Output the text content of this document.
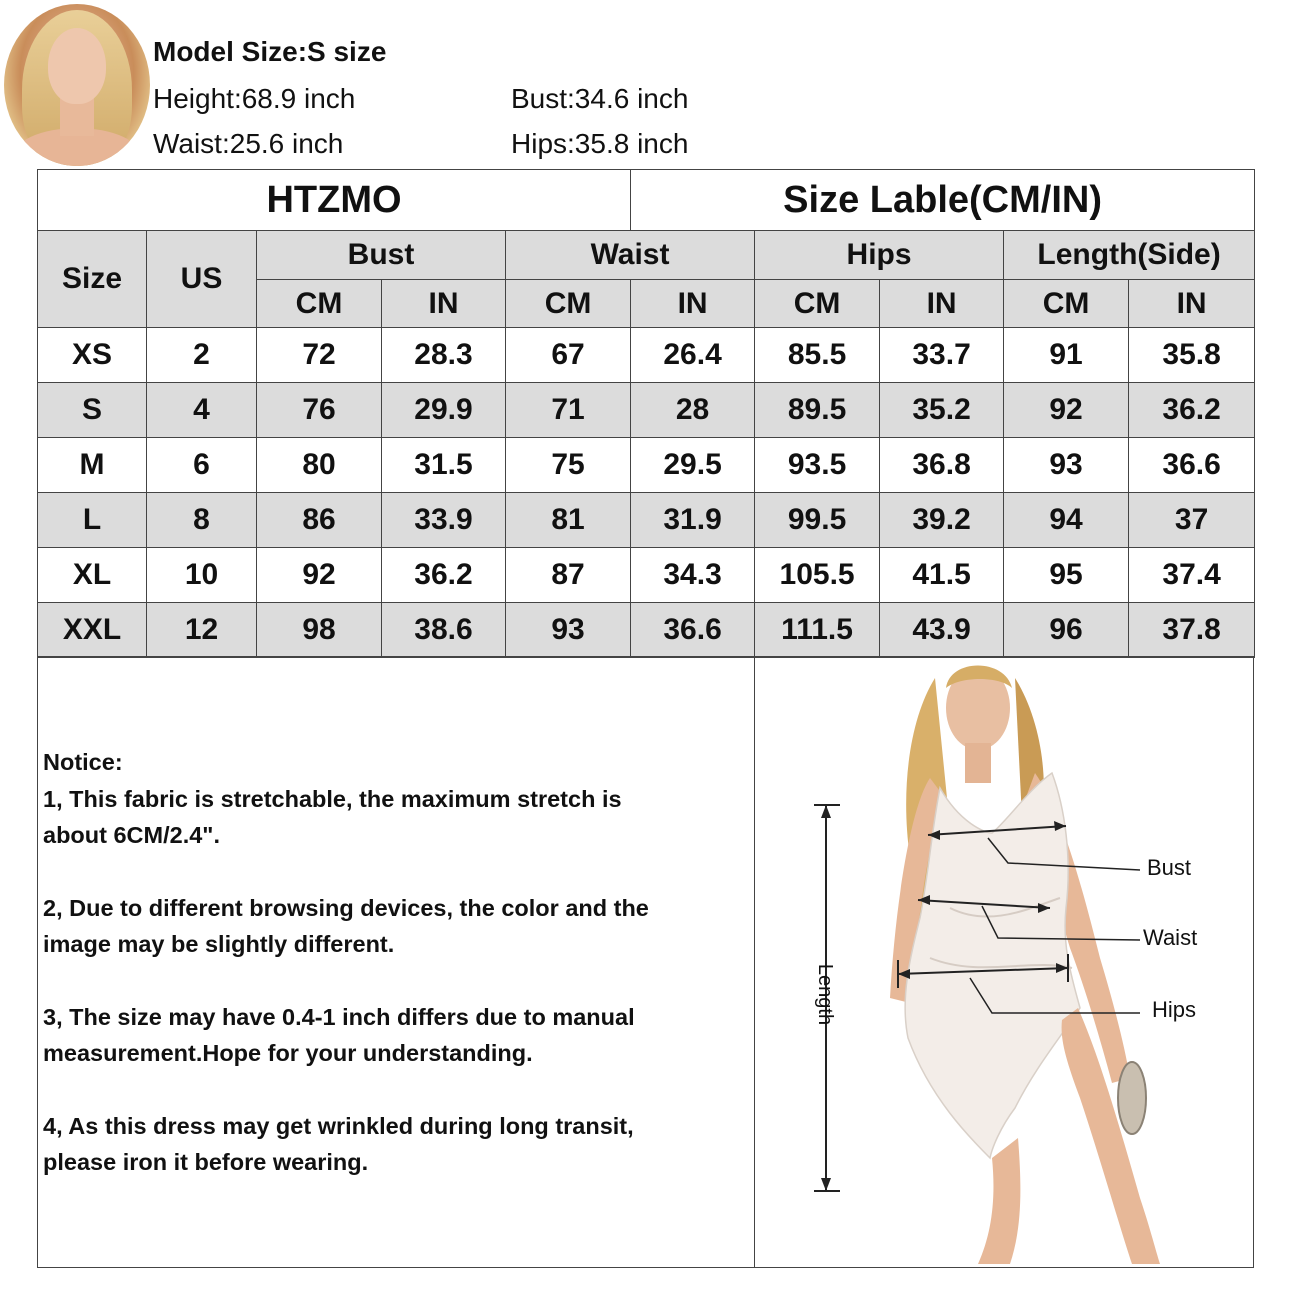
Model Size:S size
Height:68.9 inch	Bust:34.6 inch
Waist:25.6 inch	Hips:35.8 inch
HTZMO					Size Lable(CM/IN)				
Size	US	Bust		Waist		Hips		Length(Side)	
		CM	IN	CM	IN	CM	IN	CM	IN
XS	2	72	28.3	67	26.4	85.5	33.7	91	35.8
S	4	76	29.9	71	28	89.5	35.2	92	36.2
M	6	80	31.5	75	29.5	93.5	36.8	93	36.6
L	8	86	33.9	81	31.9	99.5	39.2	94	37
XL	10	92	36.2	87	34.3	105.5	41.5	95	37.4
XXL	12	98	38.6	93	36.6	111.5	43.9	96	37.8

Notice:

1, This fabric is stretchable, the maximum stretch is

about 6CM/2.4".

2, Due to different browsing devices, the color and the

image may be slightly different.

3, The size may have 0.4-1 inch differs due to manual

measurement.Hope for your understanding.

4, As this dress may get wrinkled during long transit,

please iron it before wearing.

Bust
Waist
Hips
Length
